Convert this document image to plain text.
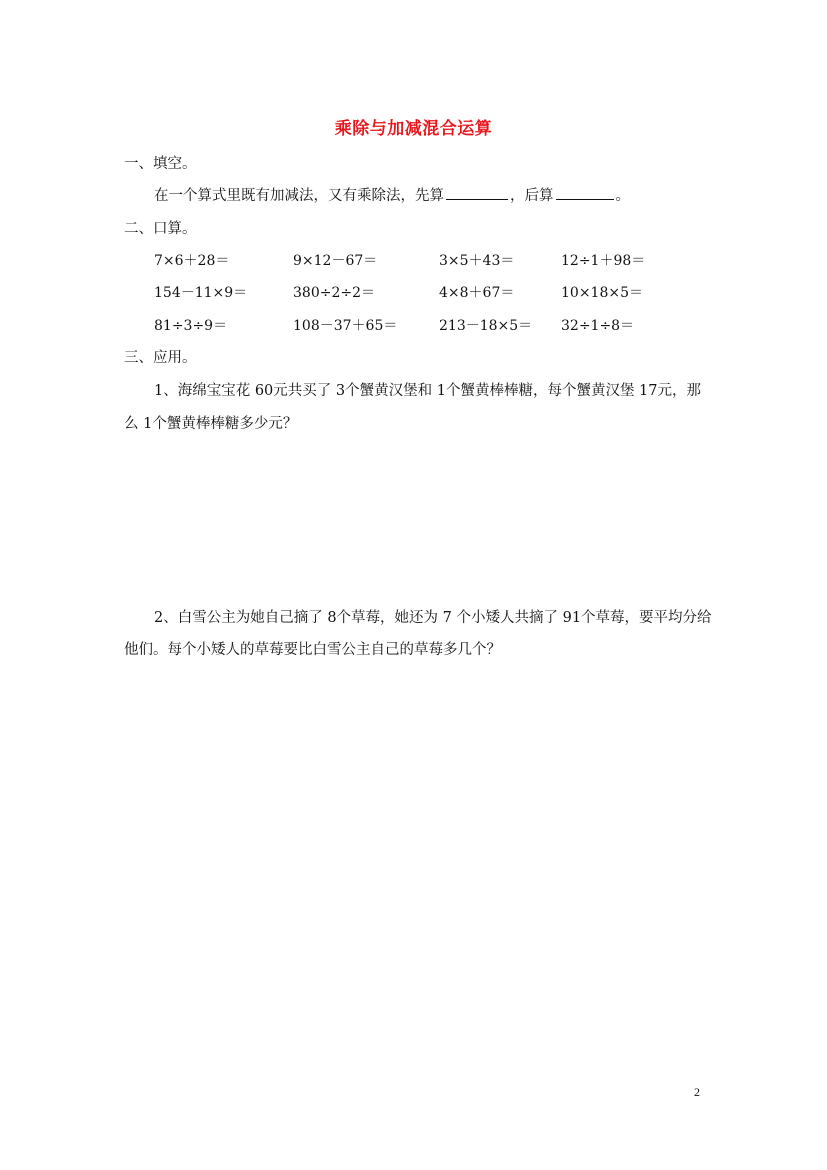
乘除与加减混合运算
一、填空。
在一个算式里既有加减法，又有乘除法，先算	，后算	。
二、口算。
7×6＋28＝	9×12－67＝	3×5＋43＝	12÷1＋98＝
154－11×9＝	380÷2÷2＝	4×8＋67＝	10×18×5＝
81÷3÷9＝	108－37＋65＝	213－18×5＝ 32÷1÷8＝
三、应用。
1、海绵宝宝花 60元共买了 3个蟹黄汉堡和 1个蟹黄棒棒糖，每个蟹黄汉堡 17元，那
么 1个蟹黄棒棒糖多少元？
2、白雪公主为她自己摘了 8个草莓，她还为 7 个小矮人共摘了 91个草莓，要平均分给
他们。每个小矮人的草莓要比白雪公主自己的草莓多几个？
2
